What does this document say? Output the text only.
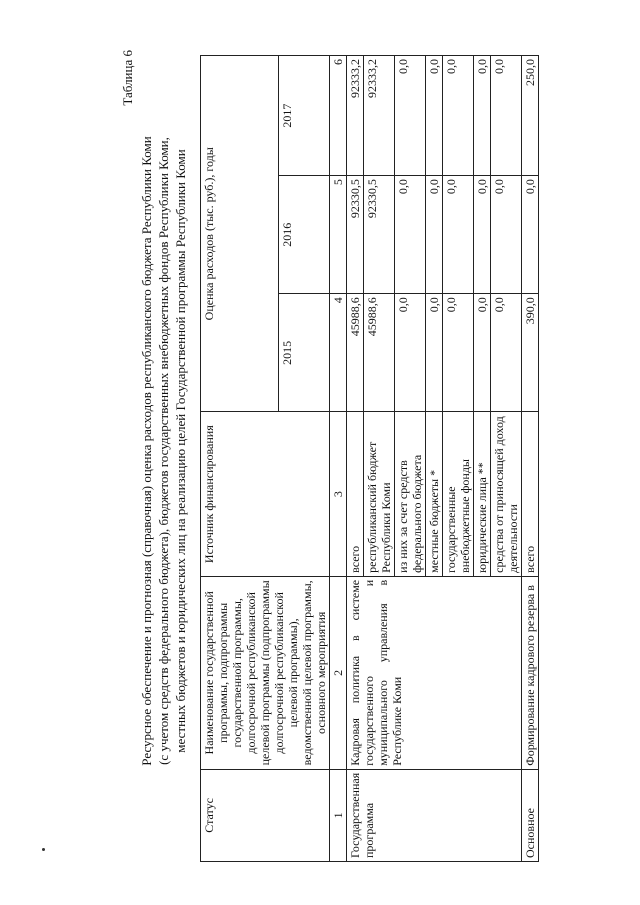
Таблица 6
Ресурсное обеспечение и прогнозная (справочная) оценка расходов республиканского бюджета Республики Коми (с учетом средств федерального бюджета), бюджетов государственных внебюджетных фондов Республики Коми, местных бюджетов и юридических лиц на реализацию целей Государственной программы Республики Коми
Статус	Наименование государственной программы, подпрограммы государственной программы, долгосрочной республиканской целевой программы (подпрограммы долгосрочной республиканской целевой программы), ведомственной целевой программы, основного мероприятия	Источник финансирования	Оценка расходов (тыс. руб.), годы		
			2015	2016	2017
1	2	3	4	5	6
Государственная программа	Кадровая политика в системе государственного и муниципального управления в Республике Коми	всего	45988,6	92330,5	92333,2
		республиканский бюджет Республики Коми	45988,6	92330,5	92333,2
		из них за счет средств федерального бюджета	0,0	0,0	0,0
		местные бюджеты *	0,0	0,0	0,0
		государственные внебюджетные фонды	0,0	0,0	0,0
		юридические лица **	0,0	0,0	0,0
		средства от приносящей доход деятельности	0,0	0,0	0,0
Основное	Формирование кадрового резерва в	всего	390,0	0,0	250,0
